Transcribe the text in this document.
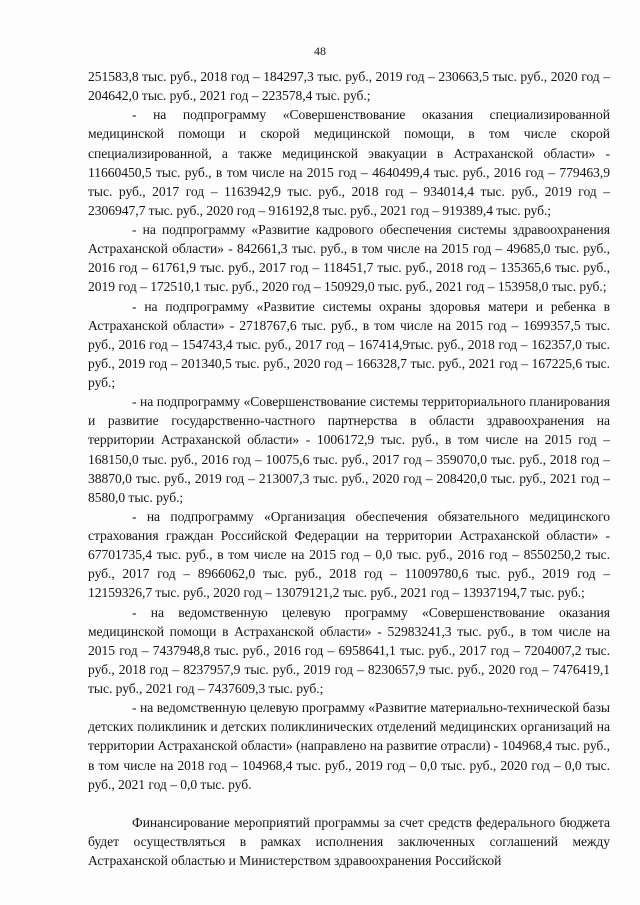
48

251583,8 тыс. руб., 2018 год – 184297,3 тыс. руб., 2019 год – 230663,5 тыс. руб., 2020 год – 204642,0 тыс. руб., 2021 год – 223578,4 тыс. руб.;

- на подпрограмму «Совершенствование оказания специализированной медицинской помощи и скорой медицинской помощи, в том числе скорой специализированной, а также медицинской эвакуации в Астраханской области» - 11660450,5 тыс. руб., в том числе на 2015 год – 4640499,4 тыс. руб., 2016 год – 779463,9 тыс. руб., 2017 год – 1163942,9 тыс. руб., 2018 год – 934014,4 тыс. руб., 2019 год – 2306947,7 тыс. руб., 2020 год – 916192,8 тыс. руб., 2021 год – 919389,4 тыс. руб.;

- на подпрограмму «Развитие кадрового обеспечения системы здравоохранения Астраханской области» - 842661,3 тыс. руб., в том числе на 2015 год – 49685,0 тыс. руб., 2016 год – 61761,9 тыс. руб., 2017 год – 118451,7 тыс. руб., 2018 год – 135365,6 тыс. руб., 2019 год – 172510,1 тыс. руб., 2020 год – 150929,0 тыс. руб., 2021 год – 153958,0 тыс. руб.;

- на подпрограмму «Развитие системы охраны здоровья матери и ребенка в Астраханской области» - 2718767,6 тыс. руб., в том числе на 2015 год – 1699357,5 тыс. руб., 2016 год – 154743,4 тыс. руб., 2017 год – 167414,9тыс. руб., 2018 год – 162357,0 тыс. руб., 2019 год – 201340,5 тыс. руб., 2020 год – 166328,7 тыс. руб., 2021 год – 167225,6 тыс. руб.;

- на подпрограмму «Совершенствование системы территориального планирования и развитие государственно-частного партнерства в области здравоохранения на территории Астраханской области» - 1006172,9 тыс. руб., в том числе на 2015 год – 168150,0 тыс. руб., 2016 год – 10075,6 тыс. руб., 2017 год – 359070,0 тыс. руб., 2018 год – 38870,0 тыс. руб., 2019 год – 213007,3 тыс. руб., 2020 год – 208420,0 тыс. руб., 2021 год – 8580,0 тыс. руб.;

- на подпрограмму «Организация обеспечения обязательного медицинского страхования граждан Российской Федерации на территории Астраханской области» - 67701735,4 тыс. руб., в том числе на 2015 год – 0,0 тыс. руб., 2016 год – 8550250,2 тыс. руб., 2017 год – 8966062,0 тыс. руб., 2018 год – 11009780,6 тыс. руб., 2019 год – 12159326,7 тыс. руб., 2020 год – 13079121,2 тыс. руб., 2021 год – 13937194,7 тыс. руб.;

- на ведомственную целевую программу «Совершенствование оказания медицинской помощи в Астраханской области» - 52983241,3 тыс. руб., в том числе на 2015 год – 7437948,8 тыс. руб., 2016 год – 6958641,1 тыс. руб., 2017 год – 7204007,2 тыс. руб., 2018 год – 8237957,9 тыс. руб., 2019 год – 8230657,9 тыс. руб., 2020 год – 7476419,1 тыс. руб., 2021 год – 7437609,3 тыс. руб.;

- на ведомственную целевую программу «Развитие материально-технической базы детских поликлиник и детских поликлинических отделений медицинских организаций на территории Астраханской области» (направлено на развитие отрасли) - 104968,4 тыс. руб., в том числе на 2018 год – 104968,4 тыс. руб., 2019 год – 0,0 тыс. руб., 2020 год – 0,0 тыс. руб., 2021 год – 0,0 тыс. руб.

Финансирование мероприятий программы за счет средств федерального бюджета будет осуществляться в рамках исполнения заключенных соглашений между Астраханской областью и Министерством здравоохранения Российской
